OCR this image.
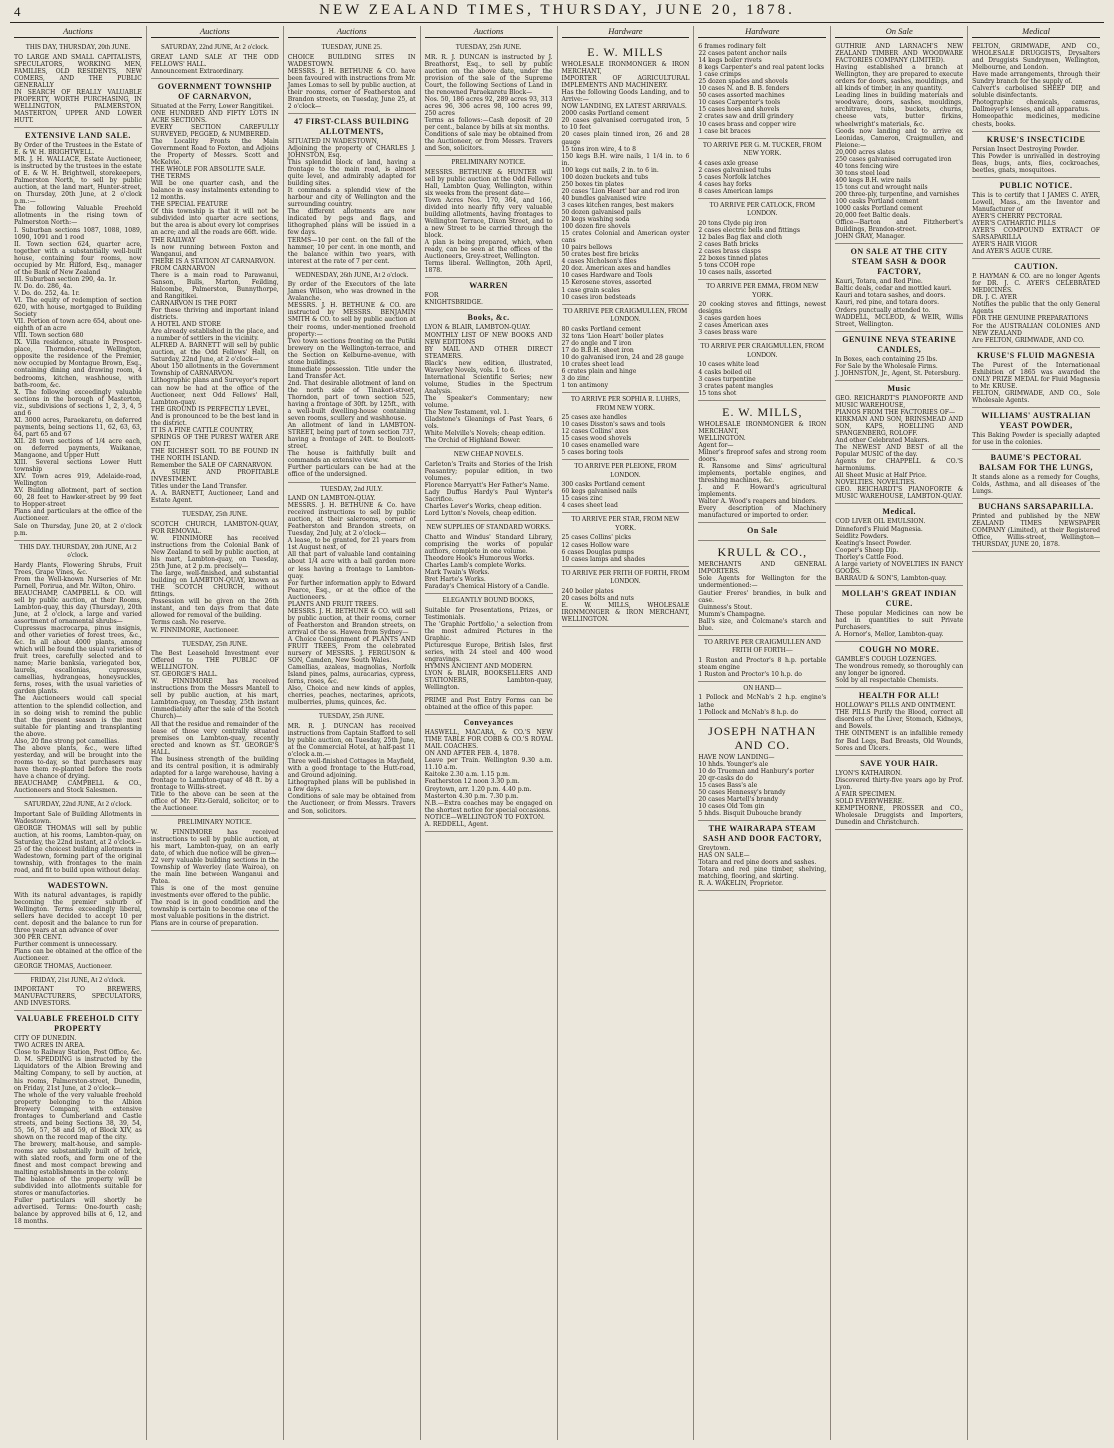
4	NEW ZEALAND TIMES, THURSDAY, JUNE 20, 1878.
Auctions
THIS DAY, THURSDAY, 20th JUNE.

TO LARGE AND SMALL CAPITALISTS, SPECULATORS, WORKING MEN, FAMILIES, OLD RESIDENTS, NEW COMERS, AND THE PUBLIC GENERALLY

IN SEARCH OF REALLY VALUABLE PROPERTY, WORTH PURCHASING, IN WELLINGTON, PALMERSTON, MASTERTON, UPPER AND LOWER HUTT.

EXTENSIVE LAND SALE.

By Order of the Trustees in the Estate of E. & W. H. BRIGHTWELL.

MR. J. H. WALLACE, Estate Auctioneer, is instructed by the trustees in the estate of E. & W. H. Brightwell, storekeepers, Palmerston North, to sell by public auction, at the land mart, Hunter-street, on Thursday, 20th June, at 2 o'clock p.m.:—

The following Valuable Freehold allotments in the rising town of Palmerston North:—

I. Suburban sections 1087, 1088, 1089, 1090, 1091 and 1 rood

II. Town section 624, quarter acre, together with a substantially well-built house, containing four rooms, now occupied by Mr. Hilford, Esq., manager of the Bank of New Zealand

III. Suburban section 290, 4a. 1r.

IV. Do. do. 286, 4a.

V. Do. do. 252, 4a. 1r.

VI. The equity of redemption of section 620, with house, mortgaged to Building Society

VII. Portion of town acre 654, about one-eighth of an acre

VIII. Town section 680

IX. Villa residence, situate in Prospect-place, Thorndon-road, Wellington, opposite the residence of the Premier, now occupied by Montague Brown, Esq., containing dining and drawing room, 4 bedrooms, kitchen, washhouse, with bath-room, &c.

X. The following exceedingly valuable sections in the borough of Masterton, viz., subdivisions of sections 1, 2, 3, 4, 5 and 6

XI. 3000 acres, Paraekaretu, on deferred payments, being sections 11, 62, 63, 63, 64, part 65 and 67

XII. 28 town sections of 1/4 acre each, on deferred payments, Waikanae, Mangaone, and Upper Hutt

XIII. Several sections Lower Hutt township

XIV. Town acres 919, Adelaide-road, Wellington

XV. Building allotment, part of section 60, 28 feet to Hawker-street by 99 feet to Hopper-street

Plans and particulars at the office of the Auctioneer.

Sale on Thursday, June 20, at 2 o'clock p.m.

THIS DAY. THURSDAY, 20th JUNE, At 2 o'clock.

Hardy Plants, Flowering Shrubs, Fruit Trees, Grape Vines, &c.

From the Well-known Nurseries of Mr. Parnell, Porirua, and Mr. Wilton, Ohiro.

BEAUCHAMP, CAMPBELL & CO. will sell by public auction, at their Rooms, Lambton-quay, this day (Thursday), 20th June, at 2 o'clock, a large and varied assortment of ornamental shrubs—

Cupressus macrocarpa, pinus insignis, and other varieties of forest trees, &c., &c. In all about 4000 plants, among which will be found the usual varieties of fruit trees, carefully selected and to name; Marie banksia, variegated box, laurels, escallonias, cupressus, camellias, hydrangeas, honeysuckles, ferns, roses, with the usual varieties of garden plants.

The Auctioneers would call special attention to the splendid collection, and in so doing wish to remind the public that the present season is the most suitable for planting and transplanting the above.

Also, 20 fine strong pot camellias.

The above plants, &c., were lifted yesterday, and will be brought into the rooms to-day, so that purchasers may have them re-planted before the roots have a chance of drying.

BEAUCHAMP, CAMPBELL & CO., Auctioneers and Stock Salesmen.

SATURDAY, 22nd JUNE, At 2 o'clock.

Important Sale of Building Allotments in Wadestown.

GEORGE THOMAS will sell by public auction, at his rooms, Lambton-quay, on Saturday, the 22nd instant, at 2 o'clock—

25 of the choicest building allotments in Wadestown, forming part of the original township, with frontages to the main road, and fit to build upon without delay.

WADESTOWN.

With its natural advantages, is rapidly becoming the premier suburb of Wellington. Terms exceedingly liberal, sellers have decided to accept 10 per cent. deposit and the balance to run for three years at an advance of over

300 PER CENT.

Further comment is unnecessary.

Plans can be obtained at the office of the Auctioneer.

GEORGE THOMAS, Auctioneer.

FRIDAY, 21st JUNE, At 2 o'clock.

IMPORTANT TO BREWERS, MANUFACTURERS, SPECULATORS, AND INVESTORS.

VALUABLE FREEHOLD CITY PROPERTY

CITY OF DUNEDIN.

TWO ACRES IN AREA.

Close to Railway Station, Post Office, &c.

D. M. SPEDDING is instructed by the Liquidators of the Albion Brewing and Malting Company, to sell by auction, at his rooms, Palmerston-street, Dunedin, on Friday, 21st June, at 2 o'clock—

The whole of the very valuable freehold property belonging to the Albion Brewery Company, with extensive frontages to Cumberland and Castle streets, and being Sections 38, 39, 54, 55, 56, 57, 58 and 59, of Block XIV, as shown on the record map of the city.

The brewery, malt-house, and sample-rooms are substantially built of brick, with slated roofs, and form one of the finest and most compact brewing and malting establishments in the colony.

The balance of the property will be subdivided into allotments suitable for stores or manufactories.

Fuller particulars will shortly be advertised. Terms: One-fourth cash; balance by approved bills at 6, 12, and 18 months.

Auctions
SATURDAY, 22nd JUNE, At 2 o'clock.

GREAT LAND SALE AT THE ODD FELLOWS' HALL.

Announcement Extraordinary.

GOVERNMENT TOWNSHIP OF CARNARVON,

Situated at the Ferry, Lower Rangitikei.

ONE HUNDRED AND FIFTY LOTS IN ACRE SECTIONS.

EVERY SECTION CAREFULLY SURVEYED, PEGGED, & NUMBERED.

The Locality Fronts the Main Government Road to Foxton, and Adjoins the Property of Messrs. Scott and McKelvie.

THE WHOLE FOR ABSOLUTE SALE.

THE TERMS

Will be one quarter cash, and the balance in easy instalments extending to 12 months.

THE SPECIAL FEATURE

Of this township is that it will not be subdivided into quarter acre sections, but the area is about every lot comprises an acre; and all the roads are 66ft. wide.

THE RAILWAY

Is now running between Foxton and Wanganui, and

THERE IS A STATION AT CARNARVON.

FROM CARNARVON

There is a main road to Parawanui, Sanson, Bulls, Marton, Feilding, Halcombe, Palmerston, Bunnythorpe, and Rangitikei.

CARNARVON IS THE PORT

For these thriving and important inland districts.

A HOTEL AND STORE

Are already established in the place, and a number of settlers in the vicinity.

ALFRED A. BARNETT will sell by public auction, at the Odd Fellows' Hall, on Saturday, 22nd June, at 2 o'clock—

About 150 allotments in the Government Township of CARNARVON.

Lithographic plans and Surveyor's report can now be had at the office of the Auctioneer, next Odd Fellows' Hall, Lambton-quay.

THE GROUND IS PERFECTLY LEVEL,

And is pronounced to be the best land in the district.

IT IS A FINE CATTLE COUNTRY,

SPRINGS OF THE PUREST WATER ARE ON IT.

THE RICHEST SOIL TO BE FOUND IN THE NORTH ISLAND.

Remember the SALE OF CARNARVON.

A SURE AND PROFITABLE INVESTMENT.

Titles under the Land Transfer.

A. A. BARNETT, Auctioneer, Land and Estate Agent.

TUESDAY, 25th JUNE.

SCOTCH CHURCH, LAMBTON-QUAY, FOR REMOVAL.

W. FINNIMORE has received instructions from the Colonial Bank of New Zealand to sell by public auction, at his mart, Lambton-quay, on Tuesday, 25th June, at 2 p.m. precisely—

The large, well-finished, and substantial building on LAMBTON-QUAY, known as THE SCOTCH CHURCH, without fittings.

Possession will be given on the 26th instant, and ten days from that date allowed for removal of the building.

Terms cash. No reserve.

W. FINNIMORE, Auctioneer.

TUESDAY, 25th JUNE.

The Best Leasehold Investment ever Offered to THE PUBLIC OF WELLINGTON.

ST. GEORGE'S HALL.

W. FINNIMORE has received instructions from the Messrs Mantell to sell by public auction, at his mart, Lambton-quay, on Tuesday, 25th instant (immediately after the sale of the Scotch Church)—

All that the residue and remainder of the lease of those very centrally situated premises on Lambton-quay, recently erected and known as ST. GEORGE'S HALL.

The business strength of the building and its central position, it is admirably adapted for a large warehouse, having a frontage to Lambton-quay of 48 ft. by a frontage to Willis-street.

Title to the above can be seen at the office of Mr. Fitz-Gerald, solicitor, or to the Auctioneer.

PRELIMINARY NOTICE.

W. FINNIMORE has received instructions to sell by public auction, at his mart, Lambton-quay, on an early date, of which due notice will be given—

22 very valuable building sections in the Township of Waverley (late Wairoa), on the main line between Wanganui and Patea.

This is one of the most genuine investments ever offered to the public.

The road is in good condition and the township is certain to become one of the most valuable positions in the district.

Plans are in course of preparation.

Auctions
TUESDAY, JUNE 25.

CHOICE BUILDING SITES IN WADESTOWN.

MESSRS. J. H. BETHUNE & CO. have been favoured with instructions from Mr. James Lomas to sell by public auction, at their rooms, corner of Featherston and Brandon streets, on Tuesday, June 25, at 2 o'clock—

47 FIRST-CLASS BUILDING ALLOTMENTS,

SITUATED IN WADESTOWN,

Adjoining the property of CHARLES J. JOHNSTON, Esq.

This splendid block of land, having a frontage to the main road, is almost quite level, and admirably adapted for building sites.

It commands a splendid view of the harbour and city of Wellington and the surrounding country.

The different allotments are now indicated by pegs and flags, and lithographed plans will be issued in a few days.

TERMS—10 per cent. on the fall of the hammer, 10 per cent. in one month, and the balance within two years, with interest at the rate of 7 per cent.

WEDNESDAY, 26th JUNE, At 2 o'clock.

By order of the Executors of the late James Wilson, who was drowned in the Avalanche.

MESSRS. J. H. BETHUNE & CO. are instructed by MESSRS. BENJAMIN SMITH & CO. to sell by public auction at their rooms, under-mentioned freehold property:—

Two town sections fronting on the Putiki brewery on the Wellington-terrace, and the Section on Kelburne-avenue, with stone buildings.

Immediate possession. Title under the Land Transfer Act.

2nd. That desirable allotment of land on the north side of Tinakori-street, Thorndon, part of town section 525, having a frontage of 30ft. by 125ft., with a well-built dwelling-house containing seven rooms, scullery and washhouse.

An allotment of land in LAMBTON-STREET, being part of town section 737, having a frontage of 24ft. to Boulcott-street.

The house is faithfully built and commands an extensive view.

Further particulars can be had at the office of the undersigned.

TUESDAY, 2nd JULY.

LAND ON LAMBTON-QUAY.

MESSRS. J. H. BETHUNE & Co. have received instructions to sell by public auction, at their salerooms, corner of Featherston and Brandon streets, on Tuesday, 2nd July, at 2 o'clock—

A lease, to be granted, for 21 years from 1st August next, of

All that part of valuable land containing about 1/4 acre with a ball garden more or less having a frontage to Lambton-quay.

For further information apply to Edward Pearce, Esq., or at the office of the Auctioneers.

PLANTS AND FRUIT TREES.

MESSRS. J. H. BETHUNE & CO. will sell by public auction, at their rooms, corner of Featherston and Brandon streets, on arrival of the ss. Hawea from Sydney—

A Choice Consignment of PLANTS AND FRUIT TREES, From the celebrated nursery of MESSRS. J. FERGUSON & SON, Camden, New South Wales.

Camellias, azaleas, magnolias, Norfolk Island pines, palms, auracarias, cypress, ferns, roses, &c.

Also, Choice and new kinds of apples, cherries, peaches, nectarines, apricots, mulberries, plums, quinces, &c.

TUESDAY, 25th JUNE.

MR. R. J. DUNCAN has received instructions from Captain Stafford to sell by public auction, on Tuesday, 25th June, at the Commercial Hotel, at half-past 11 o'clock a.m.—

Three well-finished Cottages in Mayfield, with a good frontage to the Hutt-road, and Ground adjoining.

Lithographed plans will be published in a few days.

Conditions of sale may be obtained from the Auctioneer, or from Messrs. Travers and Son, solicitors.

Auctions
TUESDAY, 25th JUNE.

MR. R. J. DUNCAN is instructed by J. Breathorst, Esq., to sell by public auction on the above date, under the provision of the sale of the Supreme Court, the following Sections of Land in the renowned Paraekaretu Block—

Nos. 50, 186 acres 92, 289 acres 93, 313 acres 96, 306 acres 98, 100 acres 99, 250 acres

Terms as follows:—Cash deposit of 20 per cent., balance by bills at six months.

Conditions of sale may be obtained from the Auctioneer, or from Messrs. Travers and Son, solicitors.

PRELIMINARY NOTICE.

MESSRS. BETHUNE & HUNTER will sell by public auction at the Odd Fellows' Hall, Lambton Quay, Wellington, within six weeks from the present date—

Town Acres Nos. 170, 364, and 166, divided into nearly fifty very valuable building allotments, having frontages to Wellington Terrace, Dixon Street, and to a new Street to be carried through the block.

A plan is being prepared, which, when ready, can be seen at the offices of the Auctioneers, Grey-street, Wellington.

Terms liberal. Wellington, 20th April, 1878.

WARREN

FOR

KNIGHTSBRIDGE.

Books, &c.

LYON & BLAIR, LAMBTON-QUAY.

MONTHLY LIST OF NEW BOOKS AND NEW EDITIONS

BY MAIL AND OTHER DIRECT STEAMERS.

Black's new edition, illustrated, Waverley Novels, vols. 1 to 6.

International Scientific Series; new volume, Studies in the Spectrum Analysis.

The Speaker's Commentary; new volume.

The New Testament, vol. 1.

Gladstone's Gleanings of Past Years, 6 vols.

White Melville's Novels; cheap edition.

The Orchid of Highland Bower.

NEW CHEAP NOVELS.

Carleton's Traits and Stories of the Irish Peasantry; popular edition, in two volumes.

Florence Marryatt's Her Father's Name.

Lady Duffus Hardy's Paul Wynter's Sacrifice.

Charles Lever's Works, cheap edition.

Lord Lytton's Novels, cheap edition.

NEW SUPPLIES OF STANDARD WORKS.

Chatto and Windus' Standard Library, comprising the works of popular authors, complete in one volume.

Theodore Hook's Humorous Works.

Charles Lamb's complete Works.

Mark Twain's Works.

Bret Harte's Works.

Faraday's Chemical History of a Candle.

ELEGANTLY BOUND BOOKS,

Suitable for Presentations, Prizes, or Testimonials.

The 'Graphic Portfolio,' a selection from the most admired Pictures in the Graphic.

Picturesque Europe, British Isles, first series, with 24 steel and 400 wood engravings.

HYMNS ANCIENT AND MODERN.

LYON & BLAIR, BOOKSELLERS AND STATIONERS, Lambton-quay, Wellington.

PRIME and Post Entry Forms can be obtained at the office of this paper.

Conveyances

HASWELL, MACARA, & CO.'S NEW TIME TABLE FOR COBB & CO.'S ROYAL MAIL COACHES.

ON AND AFTER FEB. 4, 1878.

Leave per Train. Wellington 9.30 a.m. 11.10 a.m.

Kaitoke 2.30 a.m. 1.15 p.m.

Featherston 12 noon 3.30 p.m.

Greytown, arr. 1.20 p.m. 4.40 p.m.

Masterton 4.30 p.m. 7.30 p.m.

N.B.—Extra coaches may be engaged on the shortest notice for special occasions.

NOTICE—WELLINGTON TO FOXTON.

A. REDDELL, Agent.

Hardware
E. W. MILLS

WHOLESALE IRONMONGER & IRON MERCHANT,

IMPORTER OF AGRICULTURAL IMPLEMENTS AND MACHINERY.

Has the following Goods Landing, and to Arrive:—

NOW LANDING, EX LATEST ARRIVALS.

2000 casks Portland cement

20 cases galvanised corrugated iron, 5 to 10 feet

20 cases plain tinned iron, 26 and 28 gauge

15 tons iron wire, 4 to 8

150 kegs B.H. wire nails, 1 1/4 in. to 6 in.

100 kegs cut nails, 2 in. to 6 in.

100 dozen buckets and tubs

250 boxes tin plates

20 cases 'Lion Heart' bar and rod iron

40 bundles galvanised wire

3 cases kitchen ranges, best makers

50 dozen galvanised pails

20 kegs washing soda

100 dozen fire shovels

15 crates Colonial and American oyster cans

10 pairs bellows

50 crates best fire bricks

4 cases Nicholson's files

20 doz. American axes and handles

10 cases Hardware and Tools

15 Kerosene stoves, assorted

1 case grain scales

10 cases iron bedsteads

TO ARRIVE PER CRAIGMULLEN, FROM LONDON.

80 casks Portland cement

32 tons 'Lion Heart' boiler plates

27 do angle and T iron

17 do B.B.H. sheet iron

10 do galvanised iron, 24 and 28 gauge

10 crates sheet lead

6 crates plain and hinge

3 do zinc

1 ton antimony

TO ARRIVE PER SOPHIA R. LUHRS, FROM NEW YORK.

25 cases axe handles

10 cases Disston's saws and tools

12 cases Collins' axes

15 cases wood shovels

10 cases enamelled ware

5 cases boring tools

TO ARRIVE PER PLEIONE, FROM LONDON.

300 casks Portland cement

60 kegs galvanised nails

15 cases zinc

4 cases sheet lead

TO ARRIVE PER STAR, FROM NEW YORK.

25 cases Collins' picks

12 cases Hollow ware

6 cases Douglas pumps

10 cases lamps and shades

TO ARRIVE PER FRITH OF FORTH, FROM LONDON.

240 boiler plates

20 cases bolts and nuts

E. W. MILLS, WHOLESALE IRONMONGER & IRON MERCHANT, WELLINGTON.

Hardware

6 frames rodinary felt

22 cases patent anchor nails

14 kegs boiler rivets

8 kegs Carpenter's and real patent locks

1 case crimps

25 dozen spades and shovels

10 cases N. and B. B. fenders

50 cases assorted machines

10 cases Carpenter's tools

15 cases hoes and shovels

2 crates saw and drill grindery

10 cases brass and copper wire

1 case bit braces

TO ARRIVE PER G. M. TUCKER, FROM NEW YORK.

4 cases axle grease

2 cases galvanised tubs

5 cases Norfolk latches

4 cases hay forks

8 cases American lamps

TO ARRIVE PER CATLOCK, FROM LONDON.

20 tons Clyde pig iron

2 cases electric bells and fittings

12 bales Bag flax and cloth

2 cases Bath bricks

2 cases brass clasps

22 boxes tinned plates

5 tons CCOH rope

10 cases nails, assorted

TO ARRIVE PER EMMA, FROM NEW YORK.

20 cooking stoves and fittings, newest designs

3 cases garden hoes

2 cases American axes

3 cases brass ware

TO ARRIVE PER CRAIGMULLEN, FROM LONDON.

10 cases white lead

4 casks boiled oil

3 cases turpentine

3 crates patent mangles

15 tons shot

E. W. MILLS,

WHOLESALE IRONMONGER & IRON MERCHANT,

WELLINGTON.

Agent for—

Milner's fireproof safes and strong room doors.

R. Ransome and Sims' agricultural implements, portable engines, and threshing machines, &c.

J. and F. Howard's agricultural implements.

Walter A. Wood's reapers and binders.

Every description of Machinery manufactured or imported to order.

On Sale
KRULL & CO.,

MERCHANTS AND GENERAL IMPORTERS.

Sole Agents for Wellington for the undermentioned:—

Gautier Freres' brandies, in bulk and case.

Guinness's Stout.

Mumm's Champagne.

Ball's size, and Colcmane's starch and blue.

TO ARRIVE PER CRAIGMULLEN AND FRITH OF FORTH—

1 Ruston and Proctor's 8 h.p. portable steam engine

1 Ruston and Proctor's 10 h.p. do

ON HAND—

1 Pollock and McNab's 2 h.p. engine's lathe

1 Pollock and McNab's 8 h.p. do

JOSEPH NATHAN AND CO.

HAVE NOW LANDING—

10 hhds. Younger's ale

10 do Trueman and Hanbury's porter

20 qr-casks do do

15 cases Bass's ale

50 cases Hennessy's brandy

20 cases Martell's brandy

10 cases Old Tom gin

5 hhds. Bisquit Dubouche brandy

THE WAIRARAPA STEAM SASH AND DOOR FACTORY,

Greytown.

HAS ON SALE—

Totara and red pine doors and sashes.

Totara and red pine timber, shelving, matching, flooring, and skirting.

R. A. WAKELIN, Proprietor.

On Sale

GUTHRIE AND LARNACH'S NEW ZEALAND TIMBER AND WOODWARE FACTORIES COMPANY (LIMITED).

Having established a branch at Wellington, they are prepared to execute orders for doors, sashes, mouldings, and all kinds of timber, in any quantity.

Leading lines in building materials and woodware, doors, sashes, mouldings, architraves, tubs, buckets, churns, cheese vats, butter firkins, wheelwright's materials, &c.

Goods now landing and to arrive ex Leonidas, Cameron, Craigmullen, and Pleione:—

20,000 acres slates

250 cases galvanised corrugated iron

40 tons fencing wire

30 tons steel lead

400 kegs B.H. wire nails

15 tons cut and wrought nails

200 three-ply, turpentine, and varnishes

100 casks Portland cement

1000 casks Portland cement

20,000 feet Baltic deals.

Office—Barton and Fitzherbert's Buildings, Brandon-street.

JOHN GRAY, Manager.

ON SALE AT THE CITY STEAM SASH & DOOR FACTORY,

Kauri, Totara, and Red Pine.

Baltic deals, cedar and mottled kauri.

Kauri and totara sashes, and doors.

Kauri, red pine, and totara doors.

Orders punctually attended to.

WADDELL, MCLEOD, & WEIR, Willis Street, Wellington.

GENUINE NEVA STEARINE CANDLES,

In Boxes, each containing 25 lbs.

For Sale by the Wholesale Firms.

J. JOHNSTON, Jr., Agent, St. Petersburg.

Music

GEO. REICHARDT'S PIANOFORTE AND MUSIC WAREHOUSE,

PIANOS FROM THE FACTORIES OF—

KIRKMAN AND SON, BRINSMEAD AND SON, KAPS, HOELLING AND SPANGENBERG, ROLOFF.

And other Celebrated Makers.

The NEWEST AND BEST of all the Popular MUSIC of the day.

Agents for CHAPPELL & CO.'S harmoniums.

All Sheet Music at Half Price.

NOVELTIES. NOVELTIES.

GEO. REICHARDT'S PIANOFORTE & MUSIC WAREHOUSE, LAMBTON-QUAY.

Medical.

COD LIVER OIL EMULSION.

Dinneford's Fluid Magnesia.

Seidlitz Powders.

Keating's Insect Powder.

Cooper's Sheep Dip.

Thorley's Cattle Food.

A large variety of NOVELTIES IN FANCY GOODS.

BARRAUD & SON'S, Lambton-quay.

MOLLAH'S GREAT INDIAN CURE.

These popular Medicines can now be had in quantities to suit Private Purchasers.

A. Hornor's, Mellor, Lambton-quay.

COUGH NO MORE.

GAMBLE'S COUGH LOZENGES.

The wondrous remedy, so thoroughly can any longer be ignored.

Sold by all respectable Chemists.

HEALTH FOR ALL!

HOLLOWAY'S PILLS AND OINTMENT.

THE PILLS Purify the Blood, correct all disorders of the Liver, Stomach, Kidneys, and Bowels.

THE OINTMENT is an infallible remedy for Bad Legs, Bad Breasts, Old Wounds, Sores and Ulcers.

SAVE YOUR HAIR.

LYON'S KATHAIRON.

Discovered thirty-five years ago by Prof. Lyon.

A FAIR SPECIMEN.

SOLD EVERYWHERE.

KEMPTHORNE, PROSSER and CO., Wholesale Druggists and Importers, Dunedin and Christchurch.

Medical

FELTON, GRIMWADE, AND CO., WHOLESALE DRUGGISTS, Drysalters and Druggists Sundrymen, Wellington, Melbourne, and London.

Have made arrangements, through their Sundry branch for the supply of.

Calvert's carbolised SHEEP DIP, and soluble disinfectants.

Photographic chemicals, cameras, Dallmeyer's lenses, and all apparatus.

Homeopathic medicines, medicine chests, books.

KRUSE'S INSECTICIDE

Persian Insect Destroying Powder.

This Powder is unrivalled in destroying fleas, bugs, ants, flies, cockroaches, beetles, gnats, mosquitoes.

PUBLIC NOTICE.

This is to certify that I JAMES C. AYER, Lowell, Mass., am the Inventor and Manufacturer of

AYER'S CHERRY PECTORAL

AYER'S CATHARTIC PILLS

AYER'S COMPOUND EXTRACT OF SARSAPARILLA

AYER'S HAIR VIGOR

And AYER'S AGUE CURE.

CAUTION.

P. HAYMAN & CO. are no longer Agents for DR. J. C. AYER'S CELEBRATED MEDICINES.

DR. J. C. AYER

Notifies the public that the only General Agents

FOR THE GENUINE PREPARATIONS

For the AUSTRALIAN COLONIES AND NEW ZEALAND

Are FELTON, GRIMWADE, AND CO.

KRUSE'S FLUID MAGNESIA

The Purest of the Internationaal Exhibition of 1865 was awarded the ONLY PRIZE MEDAL for Fluid Magnesia to Mr. KRUSE.

FELTON, GRIMWADE, AND CO., Sole Wholesale Agents.

WILLIAMS' AUSTRALIAN YEAST POWDER,

This Baking Powder is specially adapted for use in the colonies.

BAUME'S PECTORAL BALSAM FOR THE LUNGS,

It stands alone as a remedy for Coughs, Colds, Asthma, and all diseases of the Lungs.

BUCHANS SARSAPARILLA.

Printed and published by the NEW ZEALAND TIMES NEWSPAPER COMPANY (Limited), at their Registered Office, Willis-street, Wellington—THURSDAY, JUNE 20, 1878.
